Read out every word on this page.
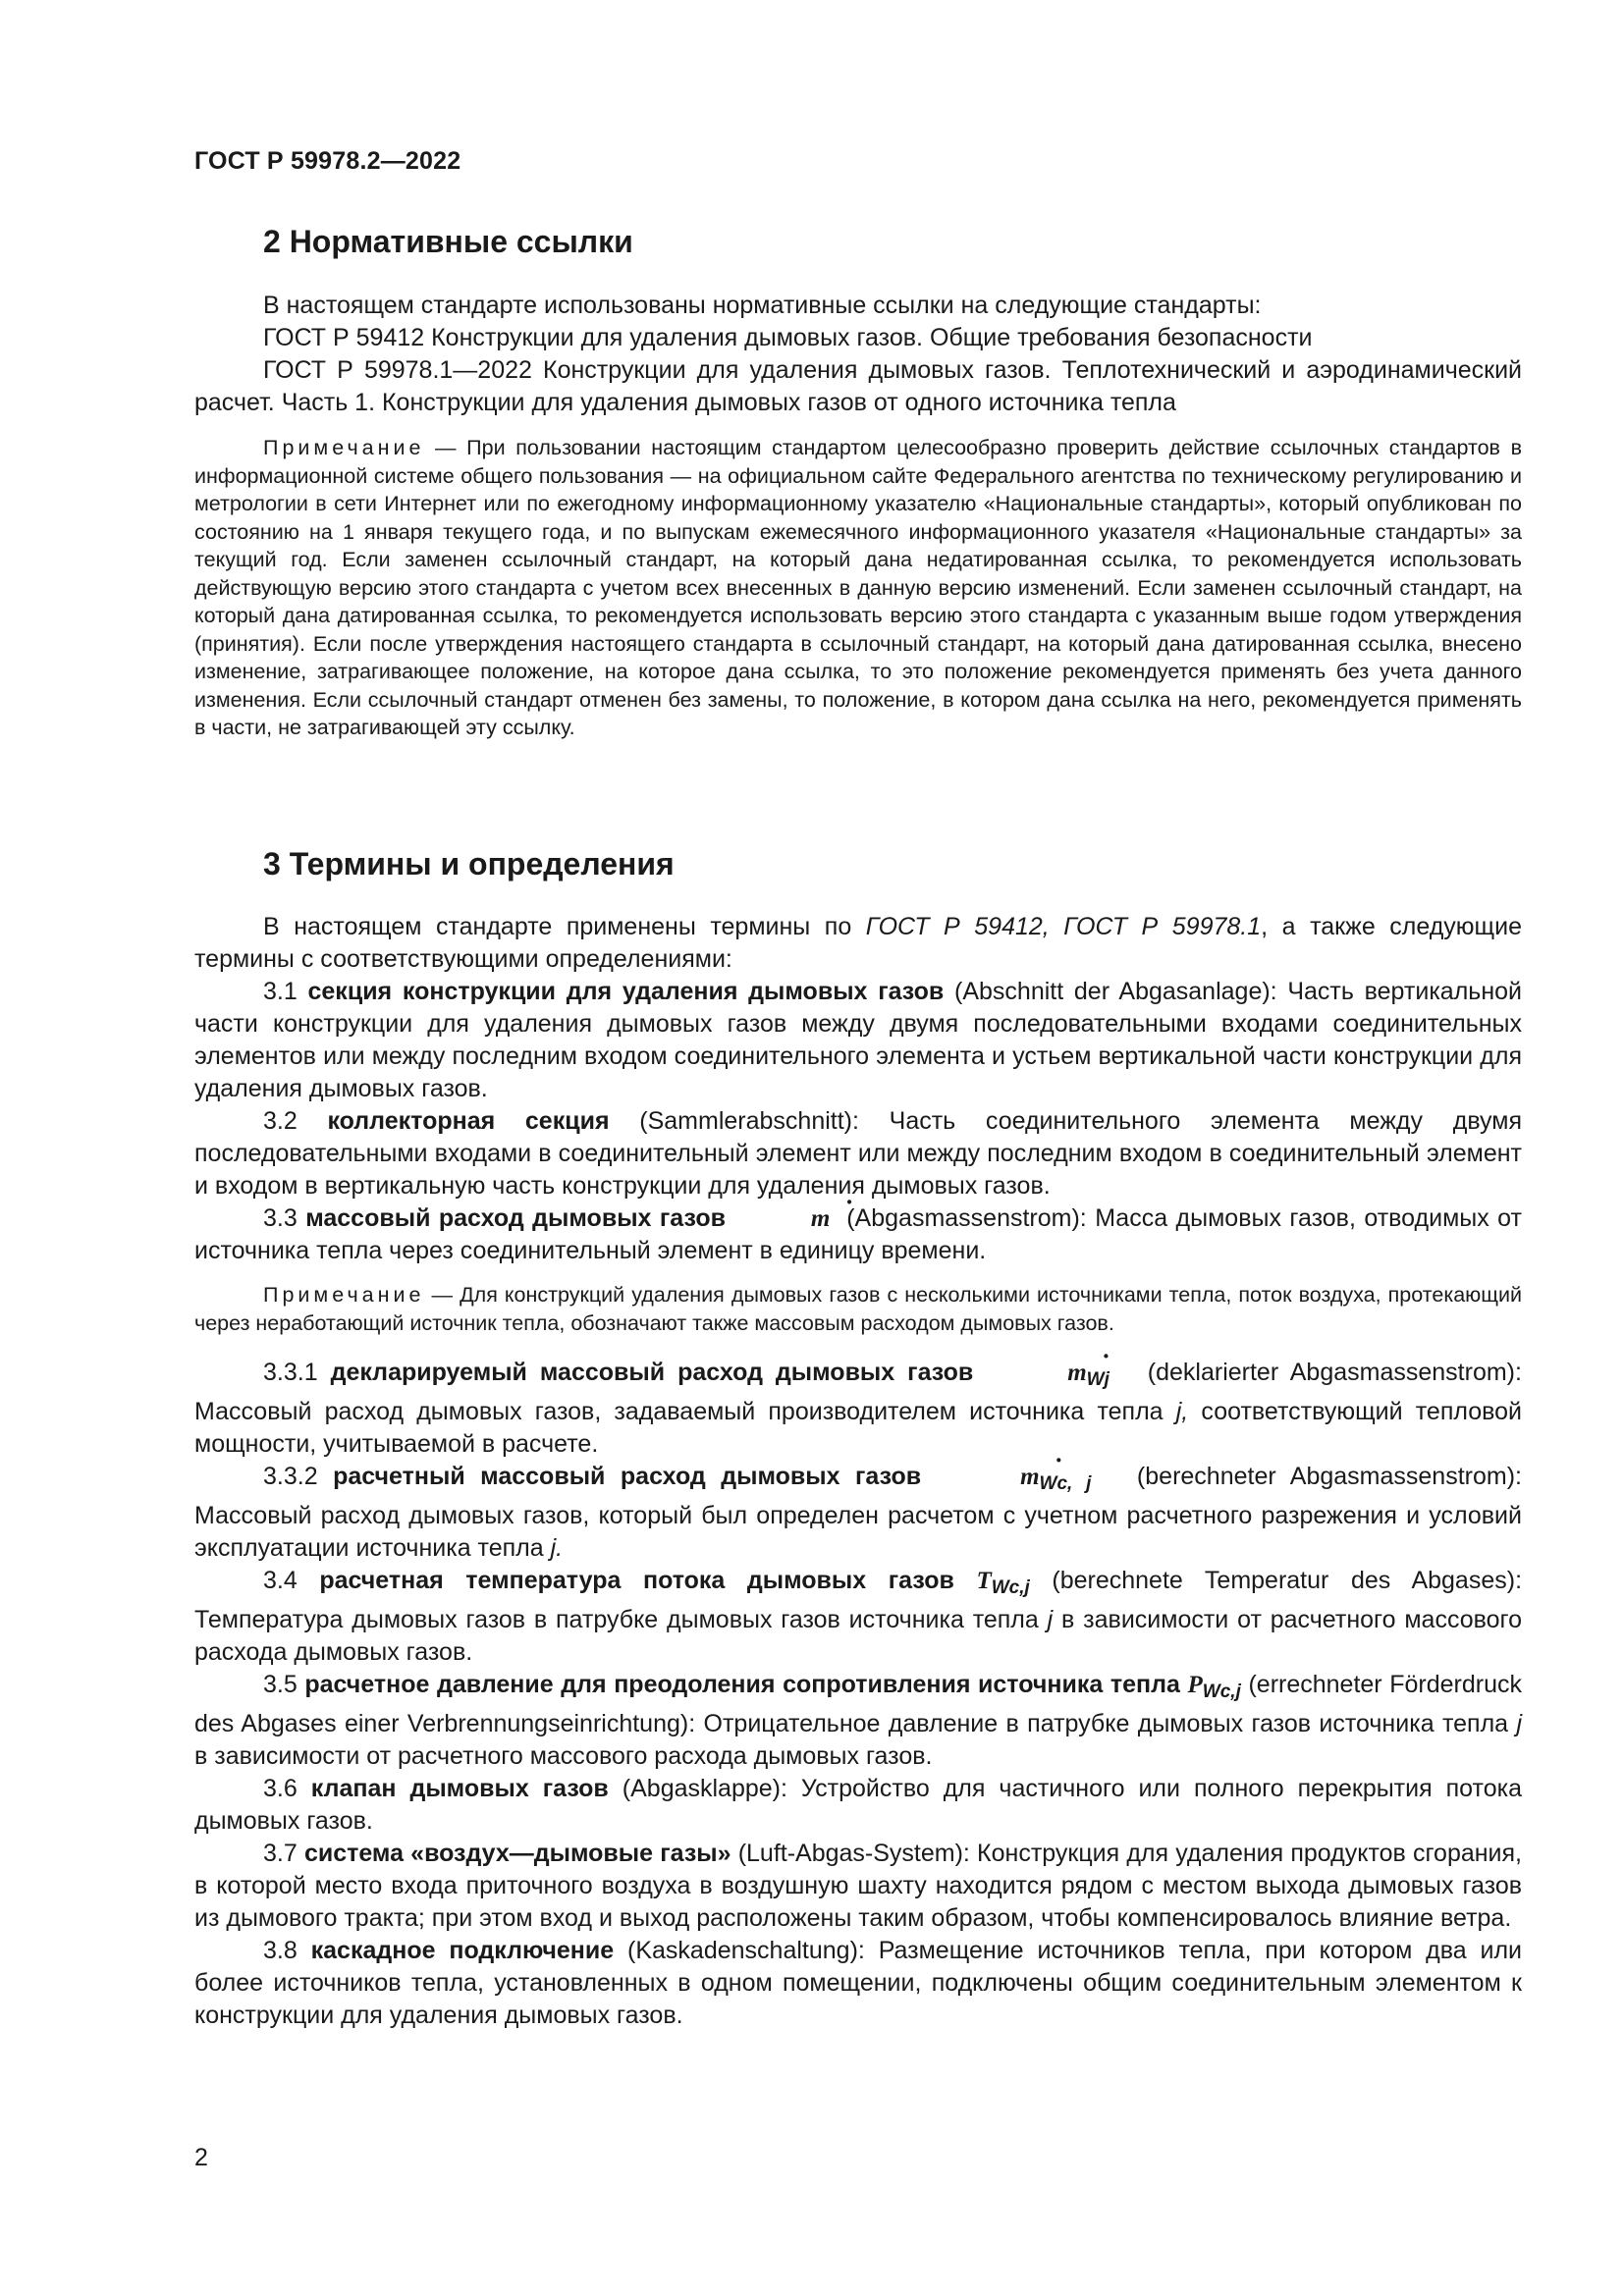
ГОСТ Р 59978.2—2022
2 Нормативные ссылки

В настоящем стандарте использованы нормативные ссылки на следующие стандарты:

ГОСТ Р 59412 Конструкции для удаления дымовых газов. Общие требования безопасности

ГОСТ Р 59978.1—2022 Конструкции для удаления дымовых газов. Теплотехнический и аэродинамический расчет. Часть 1. Конструкции для удаления дымовых газов от одного источника тепла

Примечание — При пользовании настоящим стандартом целесообразно проверить действие ссылочных стандартов в информационной системе общего пользования — на официальном сайте Федерального агентства по техническому регулированию и метрологии в сети Интернет или по ежегодному информационному указателю «Национальные стандарты», который опубликован по состоянию на 1 января текущего года, и по выпускам ежемесячного информационного указателя «Национальные стандарты» за текущий год. Если заменен ссылочный стандарт, на который дана недатированная ссылка, то рекомендуется использовать действующую версию этого стандарта с учетом всех внесенных в данную версию изменений. Если заменен ссылочный стандарт, на который дана датированная ссылка, то рекомендуется использовать версию этого стандарта с указанным выше годом утверждения (принятия). Если после утверждения настоящего стандарта в ссылочный стандарт, на который дана датированная ссылка, внесено изменение, затрагивающее положение, на которое дана ссылка, то это положение рекомендуется применять без учета данного изменения. Если ссылочный стандарт отменен без замены, то положение, в котором дана ссылка на него, рекомендуется применять в части, не затрагивающей эту ссылку.

3 Термины и определения

В настоящем стандарте применены термины по ГОСТ Р 59412, ГОСТ Р 59978.1, а также следующие термины с соответствующими определениями:

3.1 секция конструкции для удаления дымовых газов (Abschnitt der Abgasanlage): Часть вертикальной части конструкции для удаления дымовых газов между двумя последовательными входами соединительных элементов или между последним входом соединительного элемента и устьем вертикальной части конструкции для удаления дымовых газов.

3.2 коллекторная секция (Sammlerabschnitt): Часть соединительного элемента между двумя последовательными входами в соединительный элемент или между последним входом в соединительный элемент и входом в вертикальную часть конструкции для удаления дымовых газов.

3.3 массовый расход дымовых газов	· m  (Abgasmassenstrom): Масса дымовых газов, отводимых от источника тепла через соединительный элемент в единицу времени.

Примечание — Для конструкций удаления дымовых газов с несколькими источниками тепла, поток воздуха, протекающий через неработающий источник тепла, обозначают также массовым расходом дымовых газов.

3.3.1 декларируемый массовый расход дымовых газов	· $m_{Wj}$   (deklarierter Abgasmassenstrom): Массовый расход дымовых газов, задаваемый производителем источника тепла j, соответствующий тепловой мощности, учитываемой в расчете.

3.3.2 расчетный массовый расход дымовых газов	· $m_{Wc, j}$   (berechneter Abgasmassenstrom): Массовый расход дымовых газов, который был определен расчетом с учетном расчетного разрежения и условий эксплуатации источника тепла j.

3.4 расчетная температура потока дымовых газов $T_{Wc,j}$ (berechnete Temperatur des Abgases): Температура дымовых газов в патрубке дымовых газов источника тепла j в зависимости от расчетного массового расхода дымовых газов.

3.5 расчетное давление для преодоления сопротивления источника тепла $P_{Wc,j}$ (errechneter Förderdruck des Abgases einer Verbrennungseinrichtung): Отрицательное давление в патрубке дымовых газов источника тепла j в зависимости от расчетного массового расхода дымовых газов.

3.6 клапан дымовых газов (Abgasklappe): Устройство для частичного или полного перекрытия потока дымовых газов.

3.7 система «воздух—дымовые газы» (Luft-Abgas-System): Конструкция для удаления продуктов сгорания, в которой место входа приточного воздуха в воздушную шахту находится рядом с местом выхода дымовых газов из дымового тракта; при этом вход и выход расположены таким образом, чтобы компенсировалось влияние ветра.

3.8 каскадное подключение (Kaskadenschaltung): Размещение источников тепла, при котором два или более источников тепла, установленных в одном помещении, подключены общим соединительным элементом к конструкции для удаления дымовых газов.

2
